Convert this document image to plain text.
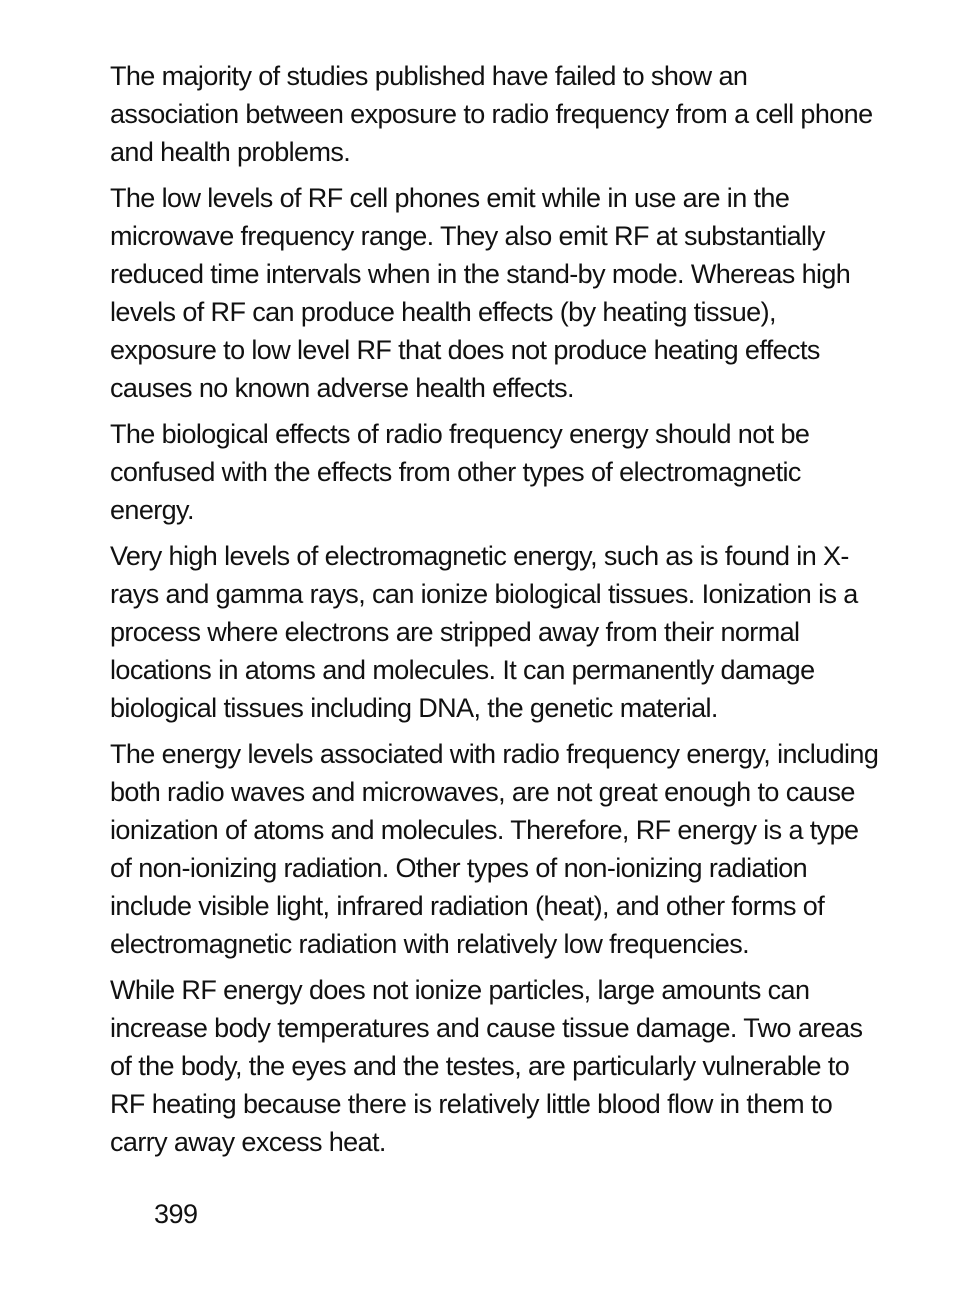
The majority of studies published have failed to show an association between exposure to radio frequency from a cell phone and health problems.

The low levels of RF cell phones emit while in use are in the microwave frequency range. They also emit RF at substantially reduced time intervals when in the stand-by mode. Whereas high levels of RF can produce health effects (by heating tissue), exposure to low level RF that does not produce heating effects causes no known adverse health effects.

The biological effects of radio frequency energy should not be confused with the effects from other types of electromagnetic energy.

Very high levels of electromagnetic energy, such as is found in X-rays and gamma rays, can ionize biological tissues. Ionization is a process where electrons are stripped away from their normal locations in atoms and molecules. It can permanently damage biological tissues including DNA, the genetic material.

The energy levels associated with radio frequency energy, including both radio waves and microwaves, are not great enough to cause ionization of atoms and molecules. Therefore, RF energy is a type of non-ionizing radiation. Other types of non-ionizing radiation include visible light, infrared radiation (heat), and other forms of electromagnetic radiation with relatively low frequencies.

While RF energy does not ionize particles, large amounts can increase body temperatures and cause tissue damage. Two areas of the body, the eyes and the testes, are particularly vulnerable to RF heating because there is relatively little blood flow in them to carry away excess heat.

399
